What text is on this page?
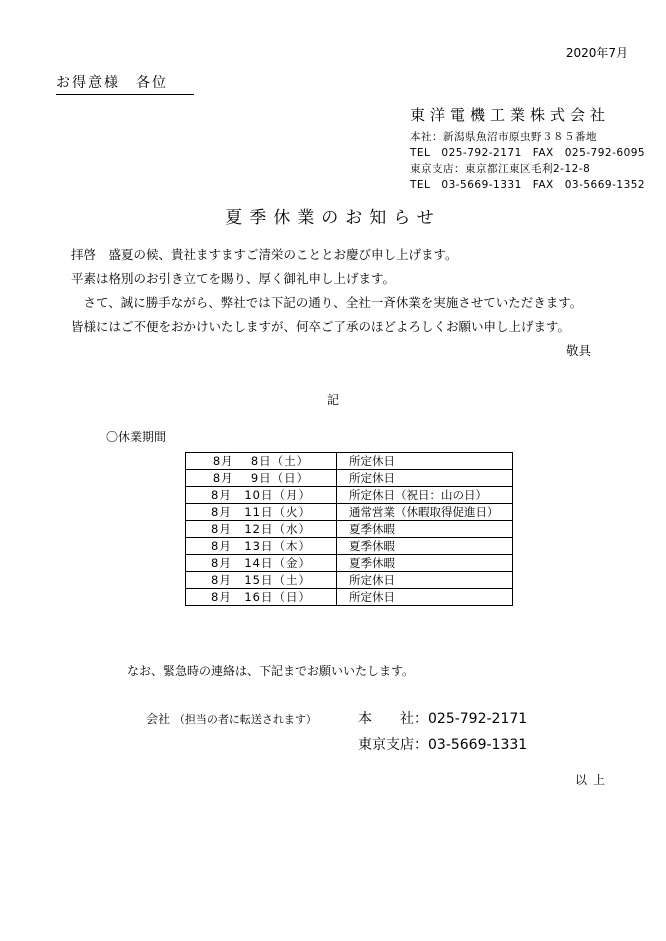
2020年7月
お得意様　各位
東洋電機工業株式会社
本社：新潟県魚沼市原虫野３８５番地
TEL　025-792-2171　FAX　025-792-6095
東京支店：東京都江東区毛利2-12-8
TEL　03-5669-1331　FAX　03-5669-1352
夏季休業のお知らせ

拝啓　盛夏の候、貴社ますますご清栄のこととお慶び申し上げます。

平素は格別のお引き立てを賜り、厚く御礼申し上げます。

さて、誠に勝手ながら、弊社では下記の通り、全社一斉休業を実施させていただきます。皆様にはご不便をおかけいたしますが、何卒ご了承のほどよろしくお願い申し上げます。
敬具

記
〇休業期間
8月　 8日（土）	所定休日
8月　 9日（日）	所定休日
8月　10日（月）	所定休日（祝日：山の日）
8月　11日（火）	通常営業（休暇取得促進日）
8月　12日（水）	夏季休暇
8月　13日（木）	夏季休暇
8月　14日（金）	夏季休暇
8月　15日（土）	所定休日
8月　16日（日）	所定休日
なお、緊急時の連絡は、下記までお願いいたします。
会社 （担当の者に転送されます）	本　　社：025-792-2171
東京支店：03-5669-1331
以上
